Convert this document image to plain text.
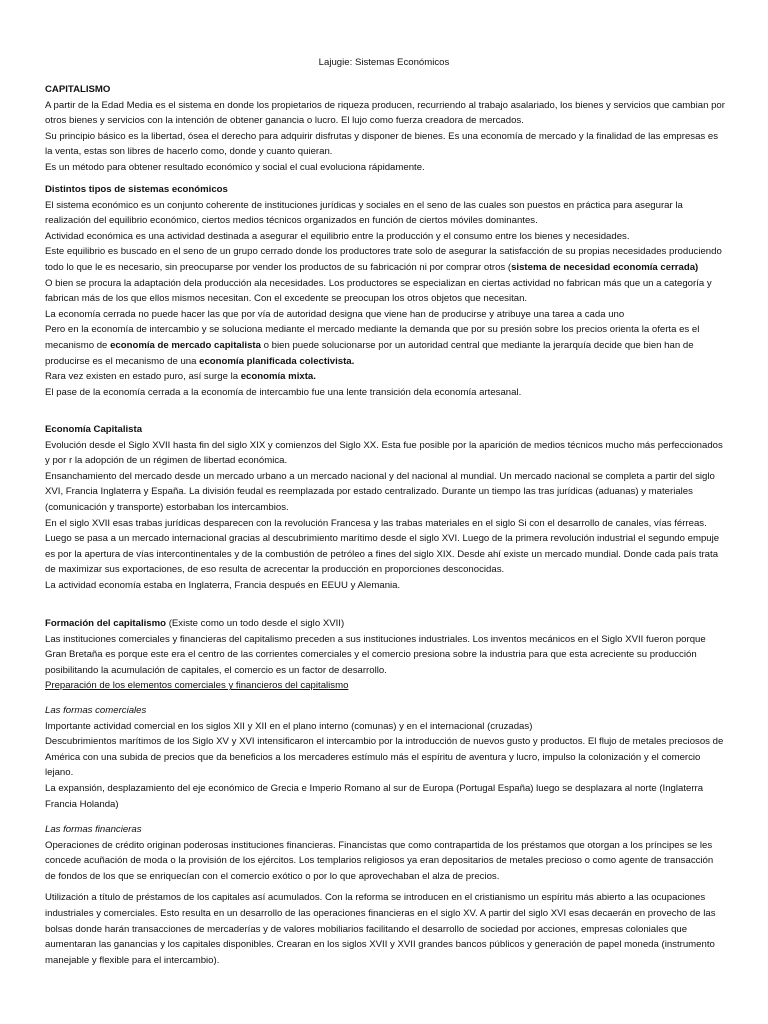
Lajugie: Sistemas Económicos

CAPITALISMO

A partir de la Edad Media es el sistema en donde los propietarios de riqueza producen, recurriendo al trabajo asalariado, los bienes y servicios que cambian por otros bienes y servicios con la intención de obtener ganancia o lucro. El lujo como fuerza creadora de mercados.

Su principio básico es la libertad, ósea el derecho para adquirir disfrutas y disponer de bienes. Es una economía de mercado y la finalidad de las empresas es la venta, estas son libres de hacerlo como, donde y cuanto quieran.

Es un método para obtener resultado económico y social el cual evoluciona rápidamente.

Distintos tipos de sistemas económicos

El sistema económico es un conjunto coherente de instituciones jurídicas y sociales en el seno de las cuales son puestos en práctica para asegurar la realización del equilibrio económico, ciertos medios técnicos organizados en función de ciertos móviles dominantes.

Actividad económica es una actividad destinada a asegurar el equilibrio entre la producción y el consumo entre los bienes y necesidades.

Este equilibrio es buscado en el seno de un grupo cerrado donde los productores trate solo de asegurar la satisfacción de su propias necesidades produciendo todo lo que le es necesario, sin preocuparse por vender los productos de su fabricación ni por comprar otros (sistema de necesidad economía cerrada)

O bien se procura la adaptación dela producción ala necesidades. Los productores se especializan en ciertas actividad no fabrican más que un a categoría y fabrican más de los que ellos mismos necesitan. Con el excedente se preocupan los otros objetos que necesitan.

La economía cerrada no puede hacer las que por vía de autoridad designa que viene han de producirse y atribuye una tarea a cada uno

Pero en la economía de intercambio y se soluciona mediante el mercado mediante la demanda que por su presión sobre los precios orienta la oferta es el mecanismo de economía de mercado capitalista o bien puede solucionarse por un autoridad central que mediante la jerarquía decide que bien han de producirse es el mecanismo de una economía planificada colectivista.

Rara vez existen en estado puro, así surge la economía mixta.

El pase de la economía cerrada a la economía de intercambio fue una lente transición dela economía artesanal.

Economía Capitalista

Evolución desde el Siglo XVII hasta fin del siglo XIX y comienzos del Siglo XX. Esta fue posible por la aparición de medios técnicos mucho más perfeccionados y por r la adopción de un régimen de libertad económica.

Ensanchamiento del mercado desde un mercado urbano a un mercado nacional y del nacional al mundial. Un mercado nacional se completa a partir del siglo XVI, Francia Inglaterra y España. La división feudal es reemplazada por estado centralizado. Durante un tiempo las tras jurídicas (aduanas) y materiales (comunicación y transporte) estorbaban los intercambios.

En el siglo XVII esas trabas jurídicas desparecen con la revolución Francesa y las trabas materiales en el siglo Si con el desarrollo de canales, vías férreas.

Luego se pasa a un mercado internacional gracias al descubrimiento marítimo desde el siglo XVI. Luego de la primera revolución industrial el segundo empuje es por la apertura de vías intercontinentales y de la combustión de petróleo a fines del siglo XIX. Desde ahí existe un mercado mundial. Donde cada país trata de maximizar sus exportaciones, de eso resulta de acrecentar la producción en proporciones desconocidas.

La actividad economía estaba en Inglaterra, Francia después en EEUU y Alemania.

Formación del capitalismo (Existe como un todo desde el siglo XVII)

Las instituciones comerciales y financieras del capitalismo preceden a sus instituciones industriales. Los inventos mecánicos en el Siglo XVII fueron porque Gran Bretaña es porque este era el centro de las corrientes comerciales y el comercio presiona sobre la industria para que esta acreciente su producción posibilitando la acumulación de capitales, el comercio es un factor de desarrollo.

Preparación de los elementos comerciales y financieros del capitalismo

Las formas comerciales

Importante actividad comercial en los siglos XII y XII en el plano interno (comunas) y en el internacional (cruzadas)

Descubrimientos marítimos de los Siglo XV y XVI intensificaron el intercambio por la introducción de nuevos gusto y productos. El flujo de metales preciosos de América con una subida de precios que da beneficios a los mercaderes estímulo más el espíritu de aventura y lucro, impulso la colonización y el comercio lejano.

La expansión, desplazamiento del eje económico de Grecia e Imperio Romano al sur de Europa (Portugal España) luego se desplazara al norte (Inglaterra Francia Holanda)

Las formas financieras

Operaciones de crédito originan poderosas instituciones financieras. Financistas que como contrapartida de los préstamos que otorgan a los príncipes se les concede acuñación de moda o la provisión de los ejércitos. Los templarios religiosos ya eran depositarios de metales precioso o como agente de transacción de fondos de los que se enriquecían con el comercio exótico o por lo que aprovechaban el alza de precios.

Utilización a título de préstamos de los capitales así acumulados. Con la reforma se introducen en el cristianismo un espíritu más abierto a las ocupaciones industriales y comerciales. Esto resulta en un desarrollo de las operaciones financieras en el siglo XV. A partir del siglo XVI esas decaerán en provecho de las bolsas donde harán transacciones de mercaderías y de valores mobiliarios facilitando el desarrollo de sociedad por acciones, empresas coloniales que aumentaran las ganancias y los capitales disponibles. Crearan en los siglos XVII y XVII grandes bancos públicos y generación de papel moneda (instrumento manejable y flexible para el intercambio).
